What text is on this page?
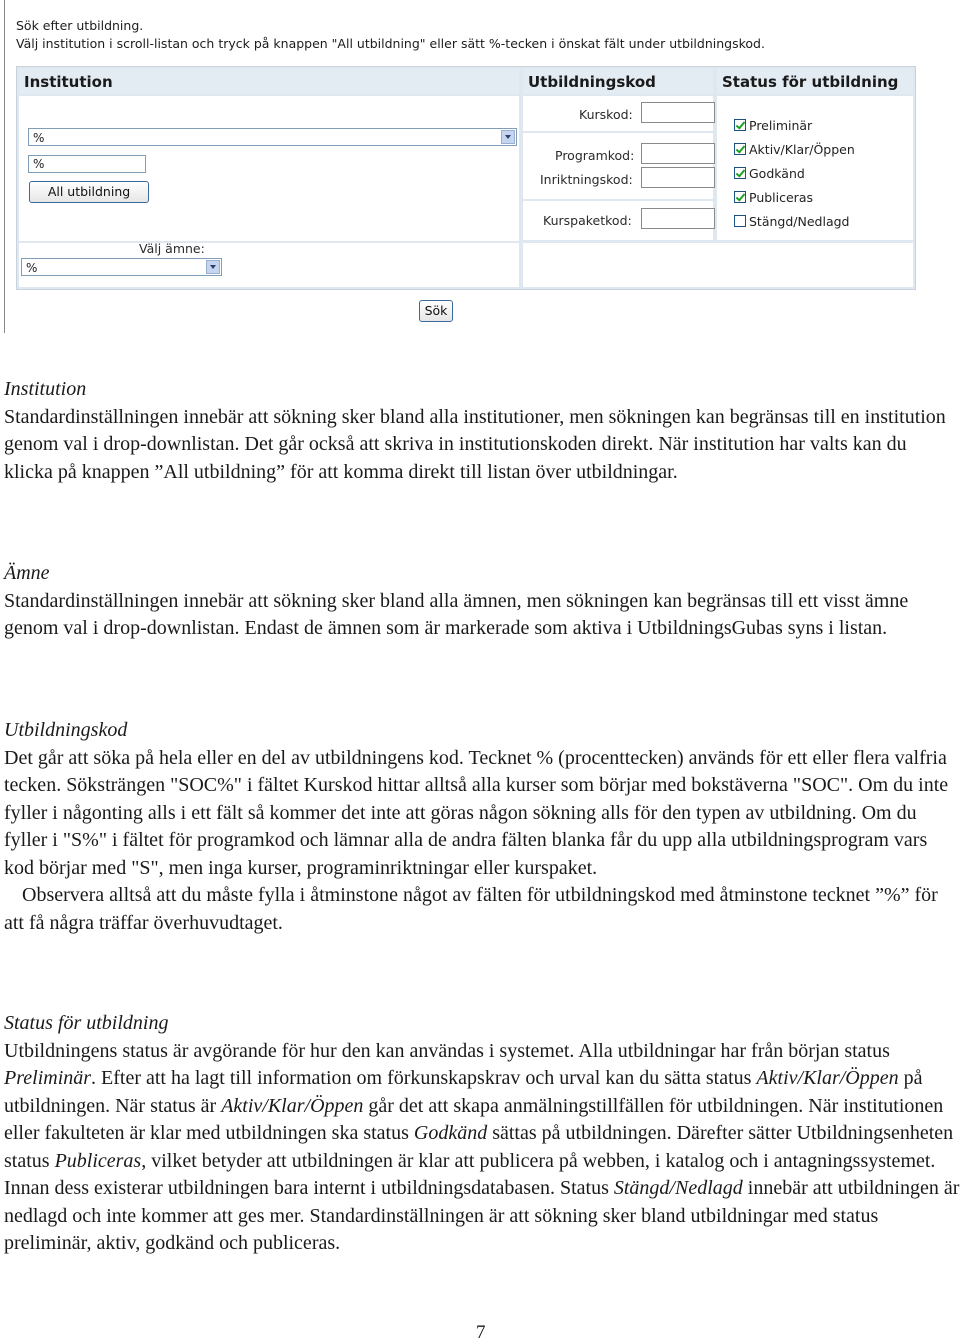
Sök efter utbildning.
Välj institution i scroll-listan och tryck på knappen "All utbildning" eller sätt %-tecken i önskat fält under utbildningskod.
Institution	Utbildningskod	Status för utbildning
%
%
All utbildning
Välj ämne:
%
Kurskod:
Programkod:
Inriktningskod:
Kurspaketkod:
Preliminär
Aktiv/Klar/Öppen
Godkänd
Publiceras
Stängd/Nedlagd
Sök

Institution

Standardinställningen innebär att sökning sker bland alla institutioner, men sökningen kan begränsas till en institution genom val i drop-downlistan. Det går också att skriva in institutionskoden direkt. När institution har valts kan du klicka på knappen ”All utbildning” för att komma direkt till listan över utbildningar.

Ämne

Standardinställningen innebär att sökning sker bland alla ämnen, men sökningen kan begränsas till ett visst ämne genom val i drop-downlistan. Endast de ämnen som är markerade som aktiva i UtbildningsGubas syns i listan.

Utbildningskod

Det går att söka på hela eller en del av utbildningens kod. Tecknet % (procenttecken) används för ett eller flera valfria tecken. Söksträngen "SOC%" i fältet Kurskod hittar alltså alla kurser som börjar med bokstäverna "SOC". Om du inte fyller i någonting alls i ett fält så kommer det inte att göras någon sökning alls för den typen av utbildning. Om du fyller i "S%" i fältet för programkod och lämnar alla de andra fälten blanka får du upp alla utbildningsprogram vars kod börjar med "S", men inga kurser, programinriktningar eller kurspaket.

Observera alltså att du måste fylla i åtminstone något av fälten för utbildningskod med åtminstone tecknet ”%” för att få några träffar överhuvudtaget.

Status för utbildning

Utbildningens status är avgörande för hur den kan användas i systemet. Alla utbildningar har från början status Preliminär. Efter att ha lagt till information om förkunskapskrav och urval kan du sätta status Aktiv/Klar/Öppen på utbildningen. När status är Aktiv/Klar/Öppen går det att skapa anmälningstillfällen för utbildningen. När institutionen eller fakulteten är klar med utbildningen ska status Godkänd sättas på utbildningen. Därefter sätter Utbildningsenheten status Publiceras, vilket betyder att utbildningen är klar att publicera på webben, i katalog och i antagningssystemet. Innan dess existerar utbildningen bara internt i utbildningsdatabasen. Status Stängd/Nedlagd innebär att utbildningen är nedlagd och inte kommer att ges mer. Standardinställningen är att sökning sker bland utbildningar med status preliminär, aktiv, godkänd och publiceras.

7
